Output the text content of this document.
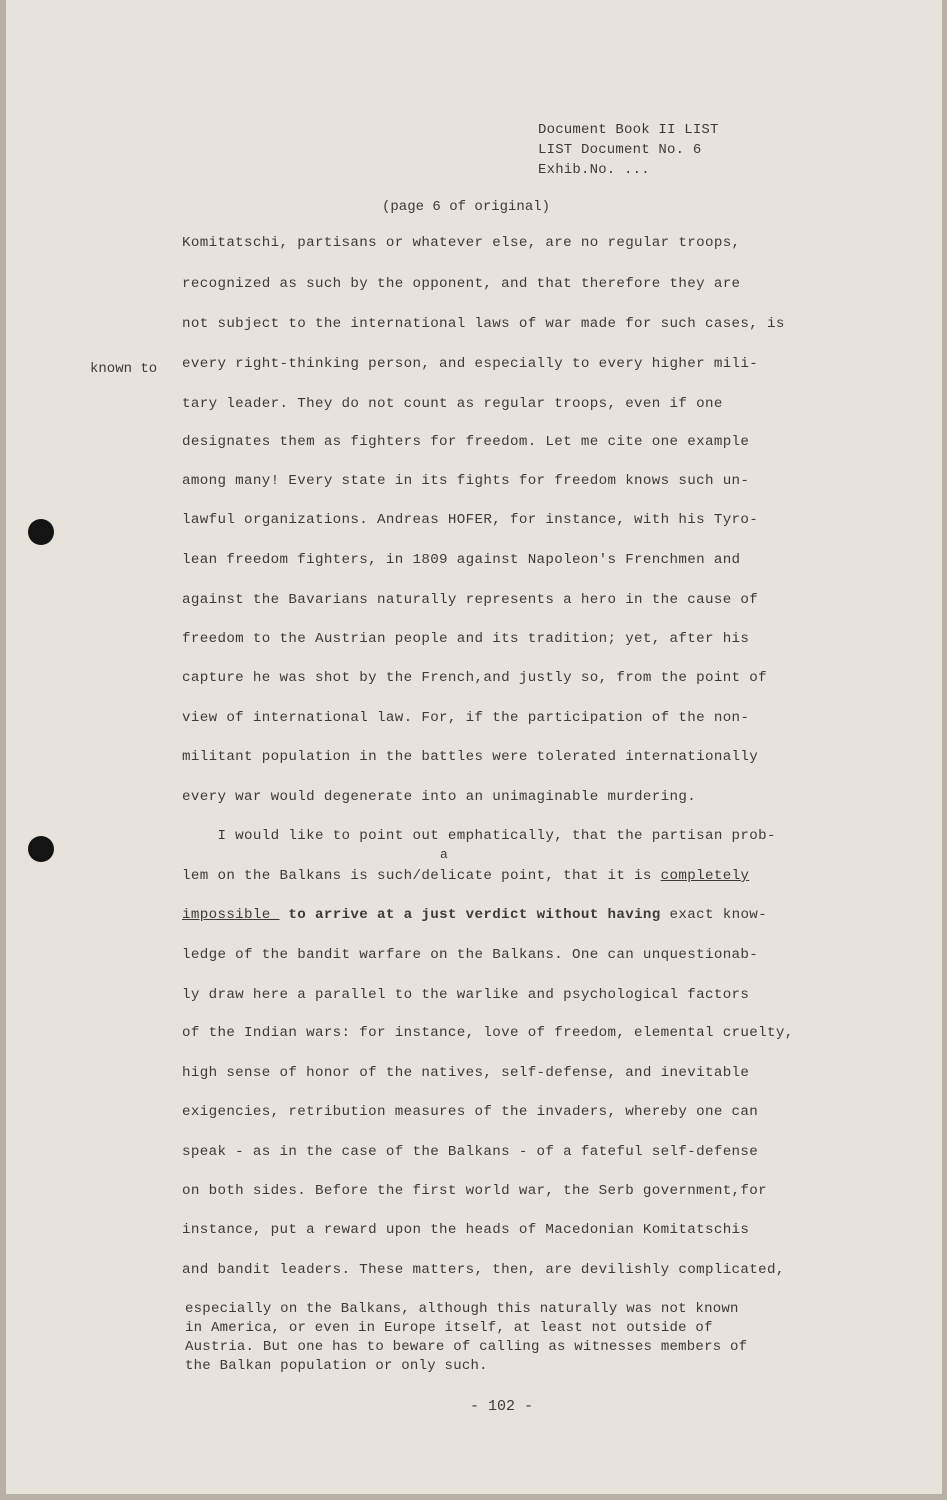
Document Book II LIST
LIST Document No. 6
Exhib.No. ...
(page 6 of original)
known to
Komitatschi, partisans or whatever else, are no regular troops,
recognized as such by the opponent, and that therefore they are
not subject to the international laws of war made for such cases, is
every right-thinking person, and especially to every higher mili-
tary leader. They do not count as regular troops, even if one
designates them as fighters for freedom. Let me cite one example
among many! Every state in its fights for freedom knows such un-
lawful organizations. Andreas HOFER, for instance, with his Tyro-
lean freedom fighters, in 1809 against Napoleon's Frenchmen and
against the Bavarians naturally represents a hero in the cause of
freedom to the Austrian people and its tradition; yet, after his
capture he was shot by the French,and justly so, from the point of
view of international law. For, if the participation of the non-
militant population in the battles were tolerated internationally
every war would degenerate into an unimaginable murdering.
I would like to point out emphatically, that the partisan prob-
a
lem on the Balkans is such/delicate point, that it is completely
impossible_ to arrive at a just verdict without having exact know-
ledge of the bandit warfare on the Balkans. One can unquestionab-
ly draw here a parallel to the warlike and psychological factors
of the Indian wars: for instance, love of freedom, elemental cruelty,
high sense of honor of the natives, self-defense, and inevitable
exigencies, retribution measures of the invaders, whereby one can
speak - as in the case of the Balkans - of a fateful self-defense
on both sides. Before the first world war, the Serb government,for
instance, put a reward upon the heads of Macedonian Komitatschis
and bandit leaders. These matters, then, are devilishly complicated,
especially on the Balkans, although this naturally was not known
in America, or even in Europe itself, at least not outside of
Austria. But one has to beware of calling as witnesses members of
the Balkan population or only such.
- 102 -
